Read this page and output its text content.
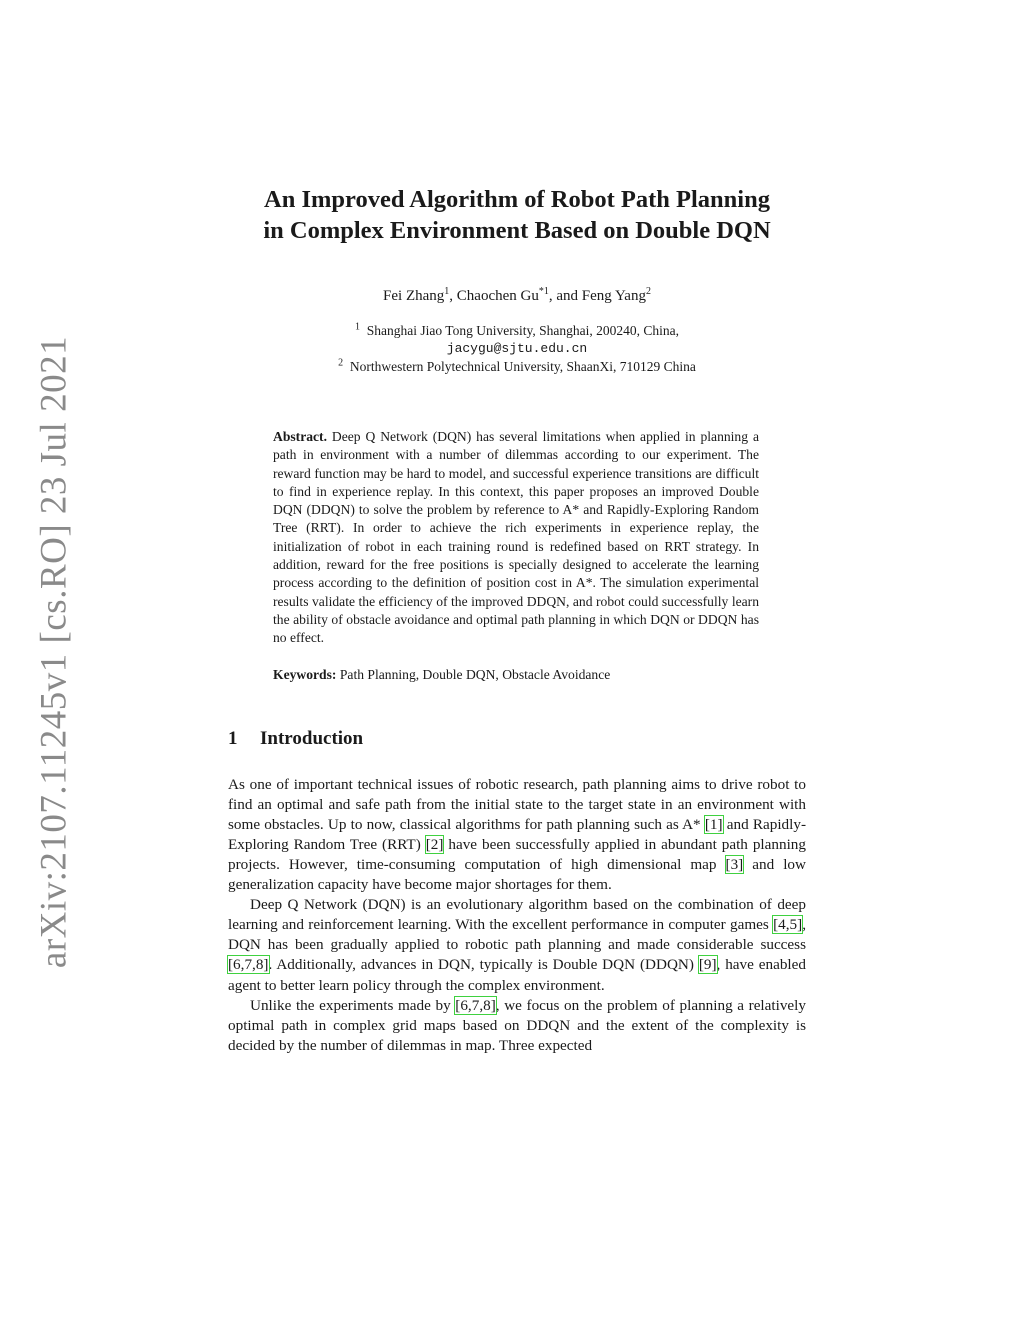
arXiv:2107.11245v1 [cs.RO] 23 Jul 2021
An Improved Algorithm of Robot Path Planning
in Complex Environment Based on Double DQN
Fei Zhang$^1$, Chaochen Gu$^{*1}$, and Feng Yang$^2$
$^1$ Shanghai Jiao Tong University, Shanghai, 200240, China,
jacygu@sjtu.edu.cn
$^2$ Northwestern Polytechnical University, ShaanXi, 710129 China
Abstract. Deep Q Network (DQN) has several limitations when applied in planning a path in environment with a number of dilemmas according to our experiment. The reward function may be hard to model, and successful experience transitions are difficult to find in experience replay. In this context, this paper proposes an improved Double DQN (DDQN) to solve the problem by reference to A* and Rapidly-Exploring Random Tree (RRT). In order to achieve the rich experiments in experience replay, the initialization of robot in each training round is redefined based on RRT strategy. In addition, reward for the free positions is specially designed to accelerate the learning process according to the definition of position cost in A*. The simulation experimental results validate the efficiency of the improved DDQN, and robot could successfully learn the ability of obstacle avoidance and optimal path planning in which DQN or DDQN has no effect.
Keywords: Path Planning, Double DQN, Obstacle Avoidance
1 Introduction

As one of important technical issues of robotic research, path planning aims to drive robot to find an optimal and safe path from the initial state to the target state in an environment with some obstacles. Up to now, classical algorithms for path planning such as A* [1] and Rapidly-Exploring Random Tree (RRT) [2] have been successfully applied in abundant path planning projects. However, time-consuming computation of high dimensional map [3] and low generalization capacity have become major shortages for them.

Deep Q Network (DQN) is an evolutionary algorithm based on the combination of deep learning and reinforcement learning. With the excellent performance in computer games [4,5], DQN has been gradually applied to robotic path planning and made considerable success [6,7,8]. Additionally, advances in DQN, typically is Double DQN (DDQN) [9], have enabled agent to better learn policy through the complex environment.

Unlike the experiments made by [6,7,8], we focus on the problem of planning a relatively optimal path in complex grid maps based on DDQN and the extent of the complexity is decided by the number of dilemmas in map. Three expected
